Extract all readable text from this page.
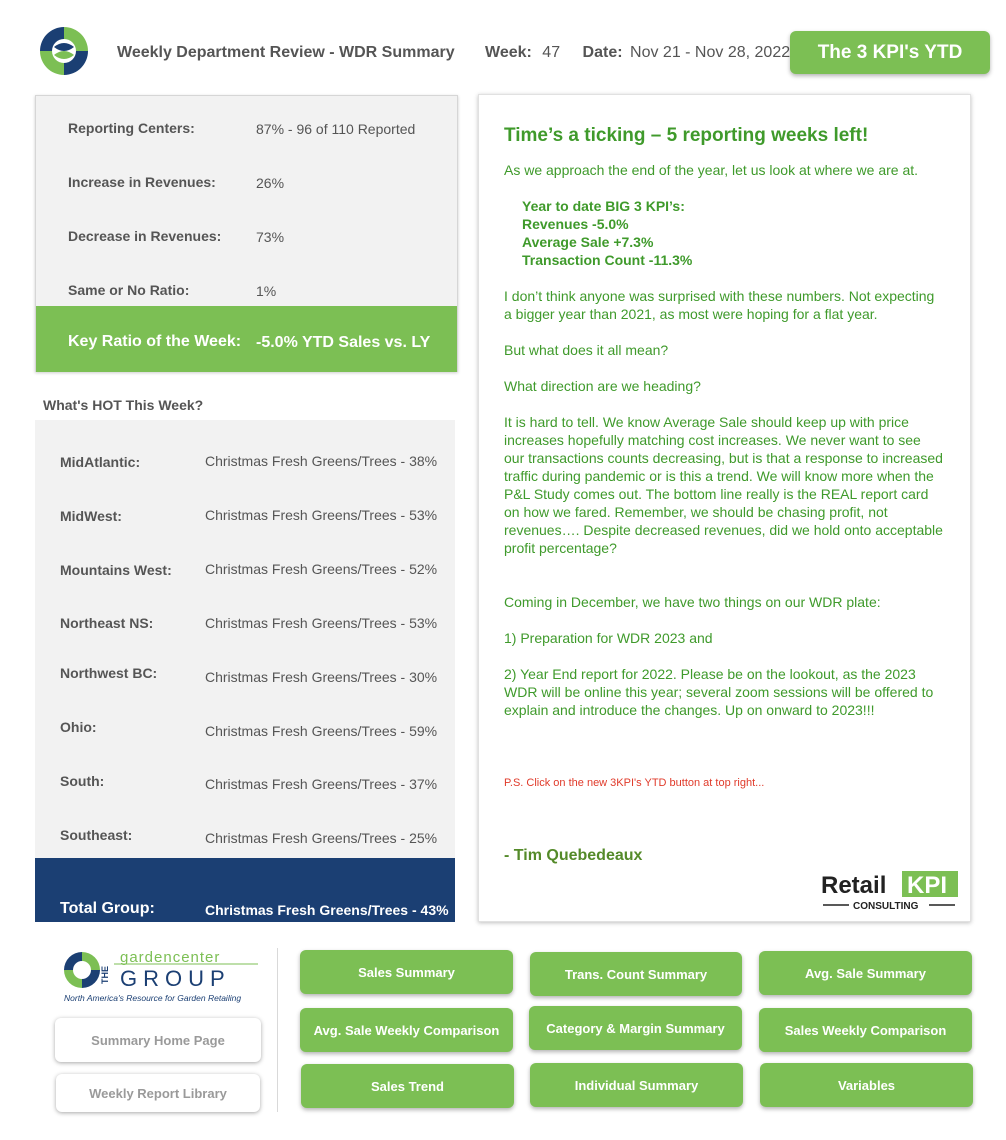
Weekly Department Review - WDR Summary Week: 47 Date: Nov 21 - Nov 28, 2022	The 3 KPI's YTD
Reporting Centers:	87% - 96 of 110 Reported
Increase in Revenues:	26%
Decrease in Revenues: 73%
Same or No Ratio:	1%
Key Ratio of the Week: -5.0% YTD Sales vs. LY
What's HOT This Week?
MidAtlantic:	Christmas Fresh Greens/Trees - 38%
MidWest:	Christmas Fresh Greens/Trees - 53%
Mountains West: Christmas Fresh Greens/Trees - 52%
Northeast NS:	Christmas Fresh Greens/Trees - 53%
Northwest BC:	Christmas Fresh Greens/Trees - 30%
Ohio:	Christmas Fresh Greens/Trees - 59%
South:	Christmas Fresh Greens/Trees - 37%
Southeast:	Christmas Fresh Greens/Trees - 25%
Total Group:	Christmas Fresh Greens/Trees - 43%
Time’s a ticking – 5 reporting weeks left!
As we approach the end of the year, let us look at where we are at.
Year to date BIG 3 KPI’s:
Revenues -5.0%
Average Sale +7.3%
Transaction Count -11.3%
I don’t think anyone was surprised with these numbers. Not expecting a bigger year than 2021, as most were hoping for a flat year.
But what does it all mean?
What direction are we heading?
It is hard to tell. We know Average Sale should keep up with price increases hopefully matching cost increases. We never want to see our transactions counts decreasing, but is that a response to increased traffic during pandemic or is this a trend. We will know more when the P&L Study comes out. The bottom line really is the REAL report card on how we fared. Remember, we should be chasing profit, not revenues…. Despite decreased revenues, did we hold onto acceptable profit percentage?
Coming in December, we have two things on our WDR plate:
1) Preparation for WDR 2023 and
2) Year End report for 2022. Please be on the lookout, as the 2023 WDR will be online this year; several zoom sessions will be offered to explain and introduce the changes. Up on onward to 2023!!!
P.S. Click on the new 3KPI's YTD button at top right...
- Tim Quebedeaux
Retail KPI
CONSULTING
THE
gardencenter
GROUP
North America's Resource for Garden Retailing
Summary Home Page
Weekly Report Library
Sales Summary	Trans. Count Summary	Avg. Sale Summary
Avg. Sale Weekly Comparison	Category & Margin Summary	Sales Weekly Comparison
Sales Trend	Individual Summary	Variables
